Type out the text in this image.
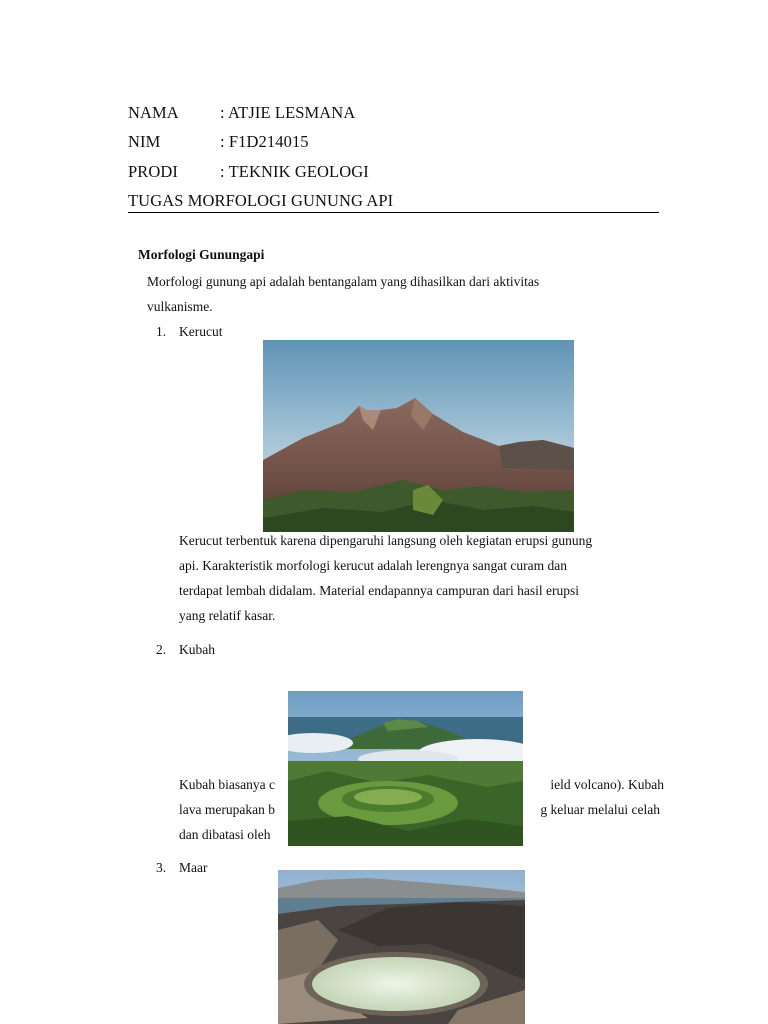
NAMA : ATJIE LESMANA
NIM	: F1D214015
PRODI	: TEKNIK GEOLOGI
TUGAS MORFOLOGI GUNUNG API
Morfologi Gunungapi
Morfologi gunung api adalah bentangalam yang dihasilkan dari aktivitas
vulkanisme.
1. Kerucut
Kerucut terbentuk karena dipengaruhi langsung oleh kegiatan erupsi gunung
api. Karakteristik morfologi kerucut adalah lerengnya sangat curam dan
terdapat lembah didalam. Material endapannya campuran dari hasil erupsi
yang relatif kasar.
2. Kubah
Kubah biasanya c	ield volcano). Kubah
lava merupakan b	g keluar melalui celah
dan dibatasi oleh
3. Maar
